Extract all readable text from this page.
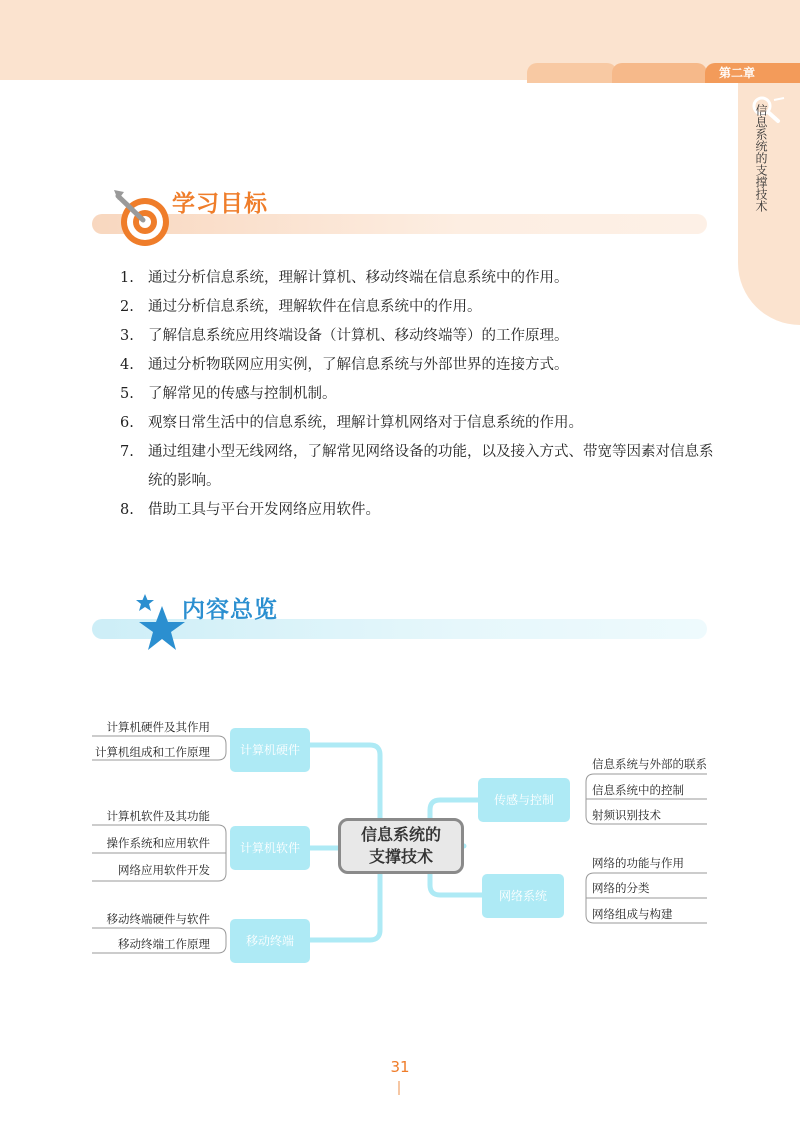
第二章
信息系统的支撑技术
学习目标
1. 通过分析信息系统，理解计算机、移动终端在信息系统中的作用。
2. 通过分析信息系统，理解软件在信息系统中的作用。
3. 了解信息系统应用终端设备（计算机、移动终端等）的工作原理。
4. 通过分析物联网应用实例，了解信息系统与外部世界的连接方式。
5. 了解常见的传感与控制机制。
6. 观察日常生活中的信息系统，理解计算机网络对于信息系统的作用。
7. 通过组建小型无线网络，了解常见网络设备的功能，以及接入方式、带宽等因素对信息系统的影响。
8. 借助工具与平台开发网络应用软件。
内容总览
计算机硬件
计算机软件
移动终端
传感与控制
网络系统
信息系统的
支撑技术
计算机硬件及其作用
计算机组成和工作原理
计算机软件及其功能
操作系统和应用软件
网络应用软件开发
移动终端硬件与软件
移动终端工作原理
信息系统与外部的联系
信息系统中的控制
射频识别技术
网络的功能与作用
网络的分类
网络组成与构建
31
